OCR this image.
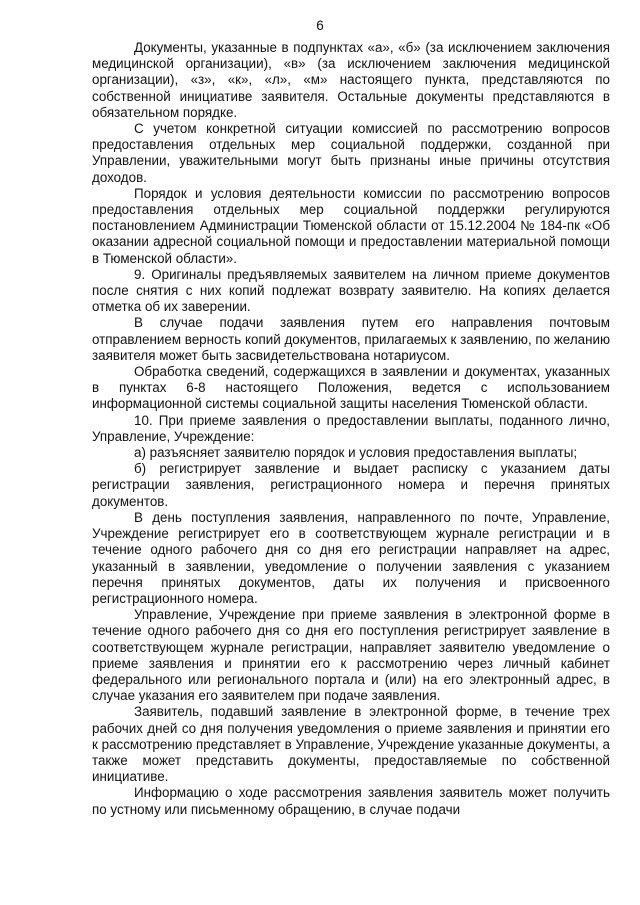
6

Документы, указанные в подпунктах «а», «б» (за исключением заключения медицинской организации), «в» (за исключением заключения медицинской организации), «з», «к», «л», «м» настоящего пункта, представляются по собственной инициативе заявителя. Остальные документы представляются в обязательном порядке.

С учетом конкретной ситуации комиссией по рассмотрению вопросов предоставления отдельных мер социальной поддержки, созданной при Управлении, уважительными могут быть признаны иные причины отсутствия доходов.

Порядок и условия деятельности комиссии по рассмотрению вопросов предоставления отдельных мер социальной поддержки регулируются постановлением Администрации Тюменской области от 15.12.2004 № 184-пк «Об оказании адресной социальной помощи и предоставлении материальной помощи в Тюменской области».

9. Оригиналы предъявляемых заявителем на личном приеме документов после снятия с них копий подлежат возврату заявителю. На копиях делается отметка об их заверении.

В случае подачи заявления путем его направления почтовым отправлением верность копий документов, прилагаемых к заявлению, по желанию заявителя может быть засвидетельствована нотариусом.

Обработка сведений, содержащихся в заявлении и документах, указанных в пунктах 6-8 настоящего Положения, ведется с использованием информационной системы социальной защиты населения Тюменской области.

10. При приеме заявления о предоставлении выплаты, поданного лично, Управление, Учреждение:

а) разъясняет заявителю порядок и условия предоставления выплаты;

б) регистрирует заявление и выдает расписку с указанием даты регистрации заявления, регистрационного номера и перечня принятых документов.

В день поступления заявления, направленного по почте, Управление, Учреждение регистрирует его в соответствующем журнале регистрации и в течение одного рабочего дня со дня его регистрации направляет на адрес, указанный в заявлении, уведомление о получении заявления с указанием перечня принятых документов, даты их получения и присвоенного регистрационного номера.

Управление, Учреждение при приеме заявления в электронной форме в течение одного рабочего дня со дня его поступления регистрирует заявление в соответствующем журнале регистрации, направляет заявителю уведомление о приеме заявления и принятии его к рассмотрению через личный кабинет федерального или регионального портала и (или) на его электронный адрес, в случае указания его заявителем при подаче заявления.

Заявитель, подавший заявление в электронной форме, в течение трех рабочих дней со дня получения уведомления о приеме заявления и принятии его к рассмотрению представляет в Управление, Учреждение указанные документы, а также может представить документы, предоставляемые по собственной инициативе.

Информацию о ходе рассмотрения заявления заявитель может получить по устному или письменному обращению, в случае подачи
